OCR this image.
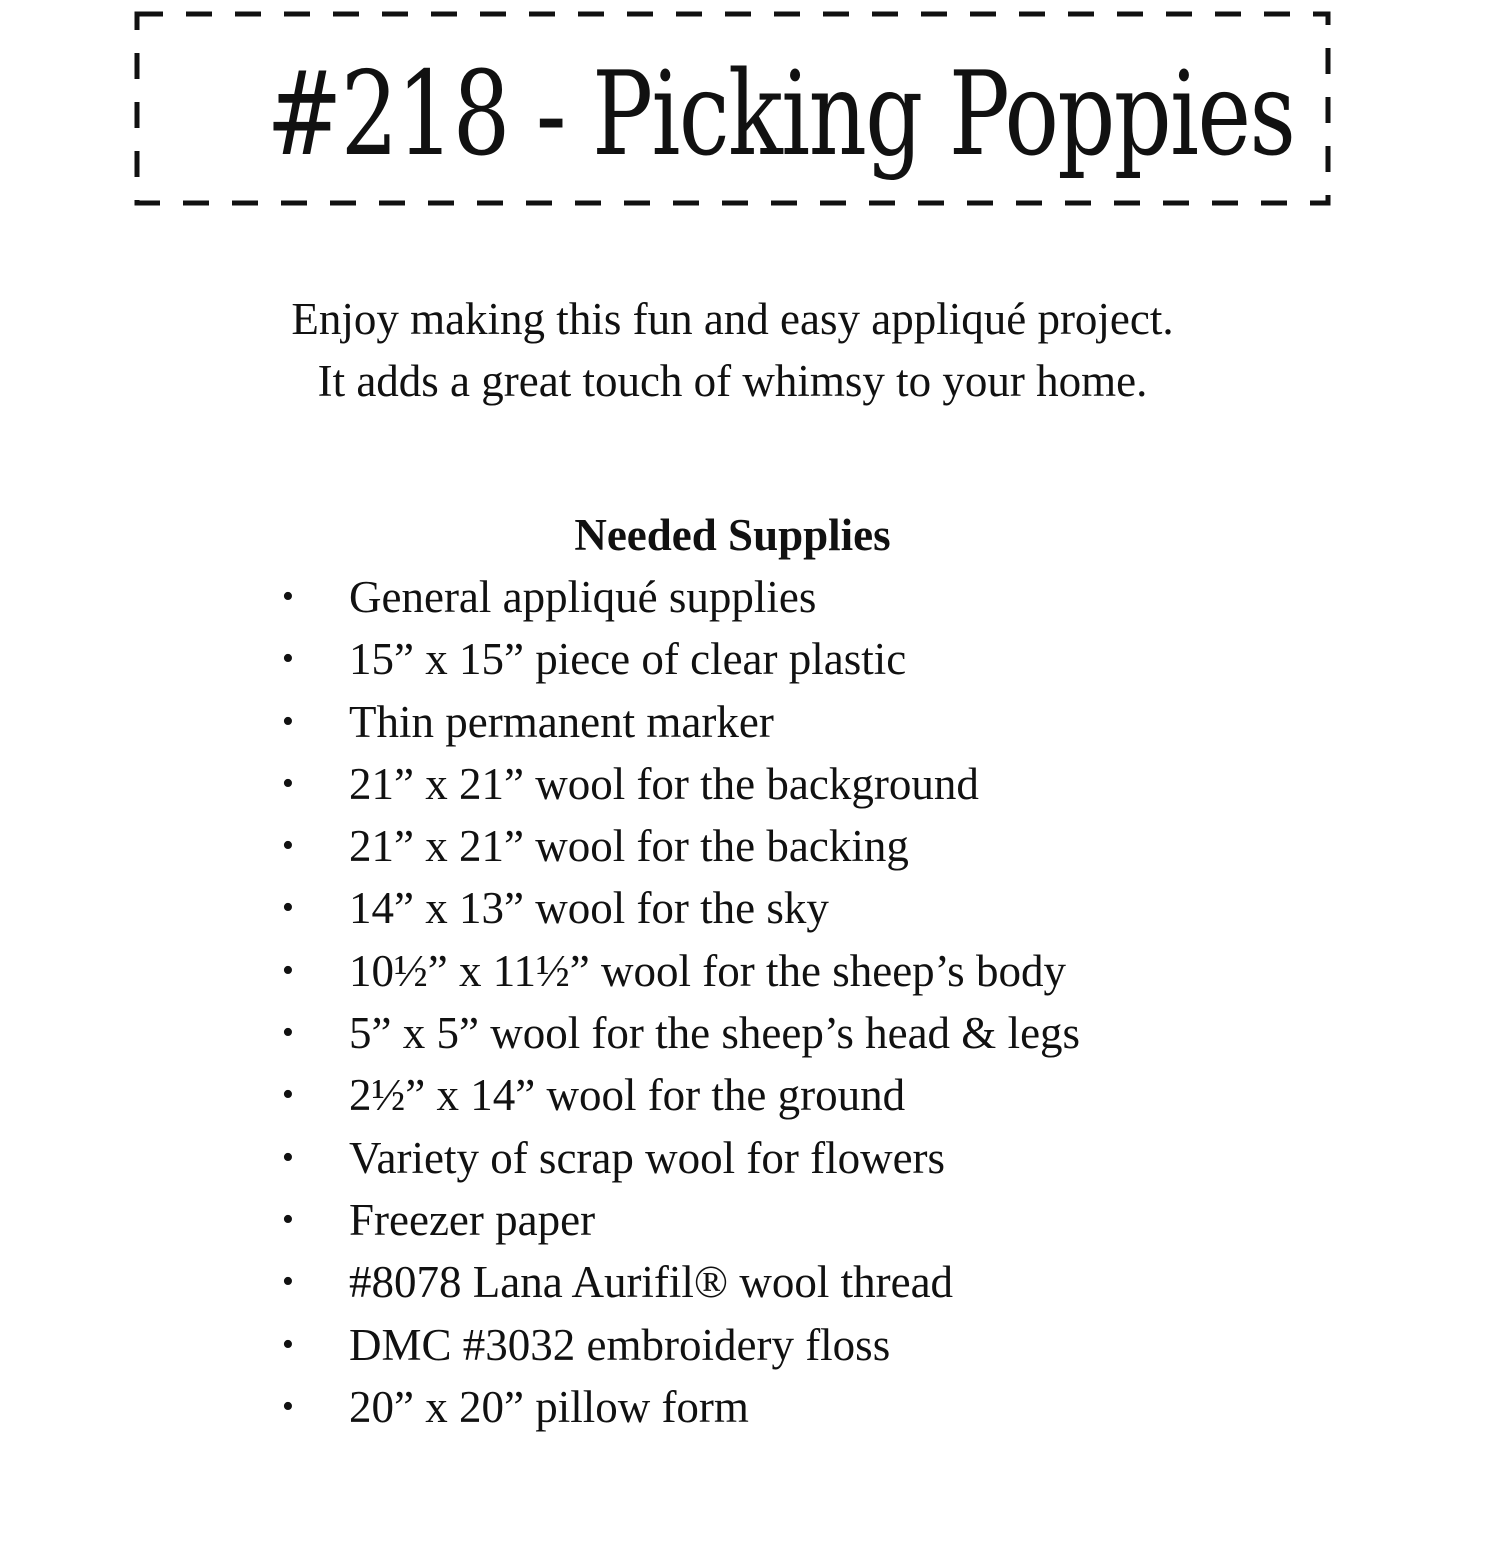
#218 - Picking Poppies

Enjoy making this fun and easy appliqué project.

It adds a great touch of whimsy to your home.

Needed Supplies
• General appliqué supplies
• 15” x 15” piece of clear plastic
• Thin permanent marker
• 21” x 21” wool for the background
• 21” x 21” wool for the backing
• 14” x 13” wool for the sky
• 10½” x 11½” wool for the sheep’s body
• 5” x 5” wool for the sheep’s head & legs
• 2½” x 14” wool for the ground
• Variety of scrap wool for flowers
• Freezer paper
• #8078 Lana Aurifil® wool thread
• DMC #3032 embroidery floss
• 20” x 20” pillow form
